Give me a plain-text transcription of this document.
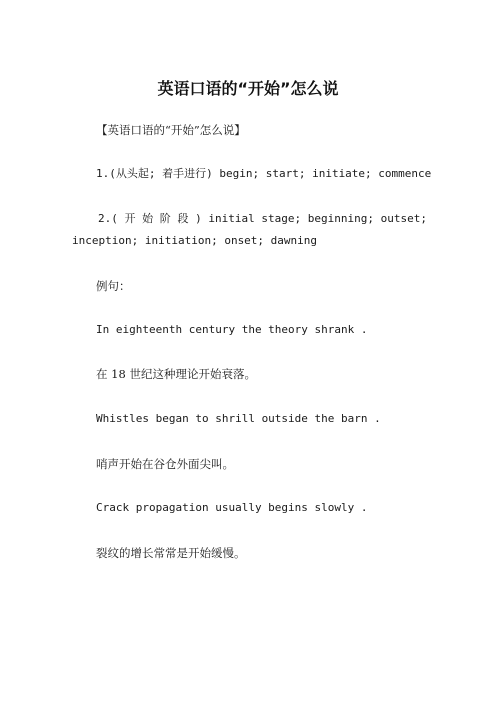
英语口语的“开始”怎么说
【英语口语的“开始”怎么说】
1.(从头起; 着手进行) begin; start; initiate; commence
2.( 开 始 阶 段 ) initial stage; beginning; outset;
inception; initiation; onset; dawning
例句：
In eighteenth century the theory shrank .
在 18 世纪这种理论开始衰落。
Whistles began to shrill outside the barn .
哨声开始在谷仓外面尖叫。
Crack propagation usually begins slowly .
裂纹的增长常常是开始缓慢。
